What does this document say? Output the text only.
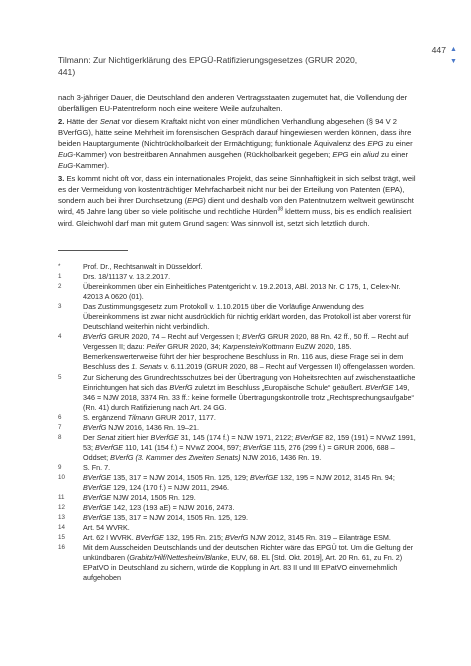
Tilmann: Zur Nichtigerklärung des EPGÜ-Ratifizierungsgesetzes (GRUR 2020, 441)
447 ▲
▼

nach 3-jähriger Dauer, die Deutschland den anderen Vertragsstaaten zugemutet hat, die Vollendung der überfälligen EU-Patentreform noch eine weitere Weile aufzuhalten.

2. Hätte der Senat vor diesem Kraftakt nicht von einer mündlichen Verhandlung abgesehen (§ 94 V 2 BVerfGG), hätte seine Mehrheit im forensischen Gespräch darauf hingewiesen werden können, dass ihre beiden Hauptargumente (Nichtrückholbarkeit der Ermächtigung; funktionale Äquivalenz des EPG zu einer EuG-Kammer) von bestreitbaren Annahmen ausgehen (Rückholbarkeit gegeben; EPG ein aliud zu einer EuG-Kammer).

3. Es kommt nicht oft vor, dass ein internationales Projekt, das seine Sinnhaftigkeit in sich selbst trägt, weil es der Vermeidung von kostenträchtiger Mehrfacharbeit nicht nur bei der Erteilung von Patenten (EPA), sondern auch bei ihrer Durchsetzung (EPG) dient und deshalb von den Patentnutzern weltweit gewünscht wird, 45 Jahre lang über so viele politische und rechtliche Hürden$^{38}$ klettern muss, bis es endlich realisiert wird. Gleichwohl darf man mit gutem Grund sagen: Was sinnvoll ist, setzt sich letztlich durch.

*	Prof. Dr., Rechtsanwalt in Düsseldorf.
1	Drs. 18/11137 v. 13.2.2017.
2	Übereinkommen über ein Einheitliches Patentgericht v. 19.2.2013, ABl. 2013 Nr. C 175, 1, Celex-Nr. 42013 A 0620 (01).
3	Das Zustimmungsgesetz zum Protokoll v. 1.10.2015 über die Vorläufige Anwendung des Übereinkommens ist zwar nicht ausdrücklich für nichtig erklärt worden, das Protokoll ist aber vorerst für Deutschland weiterhin nicht verbindlich.
4	BVerfG GRUR 2020, 74 – Recht auf Vergessen I; BVerfG GRUR 2020, 88 Rn. 42 ff., 50 ff. – Recht auf Vergessen II; dazu: Peifer GRUR 2020, 34; Karpenstein/Kottmann EuZW 2020, 185. Bemerkenswerterweise führt der hier besprochene Beschluss in Rn. 116 aus, diese Frage sei in dem Beschluss des 1. Senats v. 6.11.2019 (GRUR 2020, 88 – Recht auf Vergessen II) offengelassen worden.
5	Zur Sicherung des Grundrechtsschutzes bei der Übertragung von Hoheitsrechten auf zwischenstaatliche Einrichtungen hat sich das BVerfG zuletzt im Beschluss „Europäische Schule“ geäußert. BVerfGE 149, 346 = NJW 2018, 3374 Rn. 33 ff.: keine formelle Übertragungskontrolle trotz „Rechtsprechungsaufgabe“ (Rn. 41) durch Ratifizierung nach Art. 24 GG.
6	S. ergänzend Tilmann GRUR 2017, 1177.
7	BVerfG NJW 2016, 1436 Rn. 19–21.
8	Der Senat zitiert hier BVerfGE 31, 145 (174 f.) = NJW 1971, 2122; BVerfGE 82, 159 (191) = NVwZ 1991, 53; BVerfGE 110, 141 (154 f.) = NVwZ 2004, 597; BVerfGE 115, 276 (299 f.) = GRUR 2006, 688 – Oddset; BVerfG (3. Kammer des Zweiten Senats) NJW 2016, 1436 Rn. 19.
9	S. Fn. 7.
10	BVerfGE 135, 317 = NJW 2014, 1505 Rn. 125, 129; BVerfGE 132, 195 = NJW 2012, 3145 Rn. 94; BVerfGE 129, 124 (170 f.) = NJW 2011, 2946.
11	BVerfGE NJW 2014, 1505 Rn. 129.
12	BVerfGE 142, 123 (193 aE) = NJW 2016, 2473.
13	BVerfGE 135, 317 = NJW 2014, 1505 Rn. 125, 129.
14	Art. 54 WVRK.
15	Art. 62 I WVRK. BVerfGE 132, 195 Rn. 215; BVerfG NJW 2012, 3145 Rn. 319 – Eilanträge ESM.
16	Mit dem Ausscheiden Deutschlands und der deutschen Richter wäre das EPGÜ tot. Um die Geltung der unkündbaren (Grabitz/Hilf/Nettesheim/Blanke, EUV, 68. EL [Std. Okt. 2019], Art. 20 Rn. 61, zu Fn. 2) EPatVO in Deutschland zu sichern, würde die Kopplung in Art. 83 II und III EPatVO einvernehmlich aufgehoben
